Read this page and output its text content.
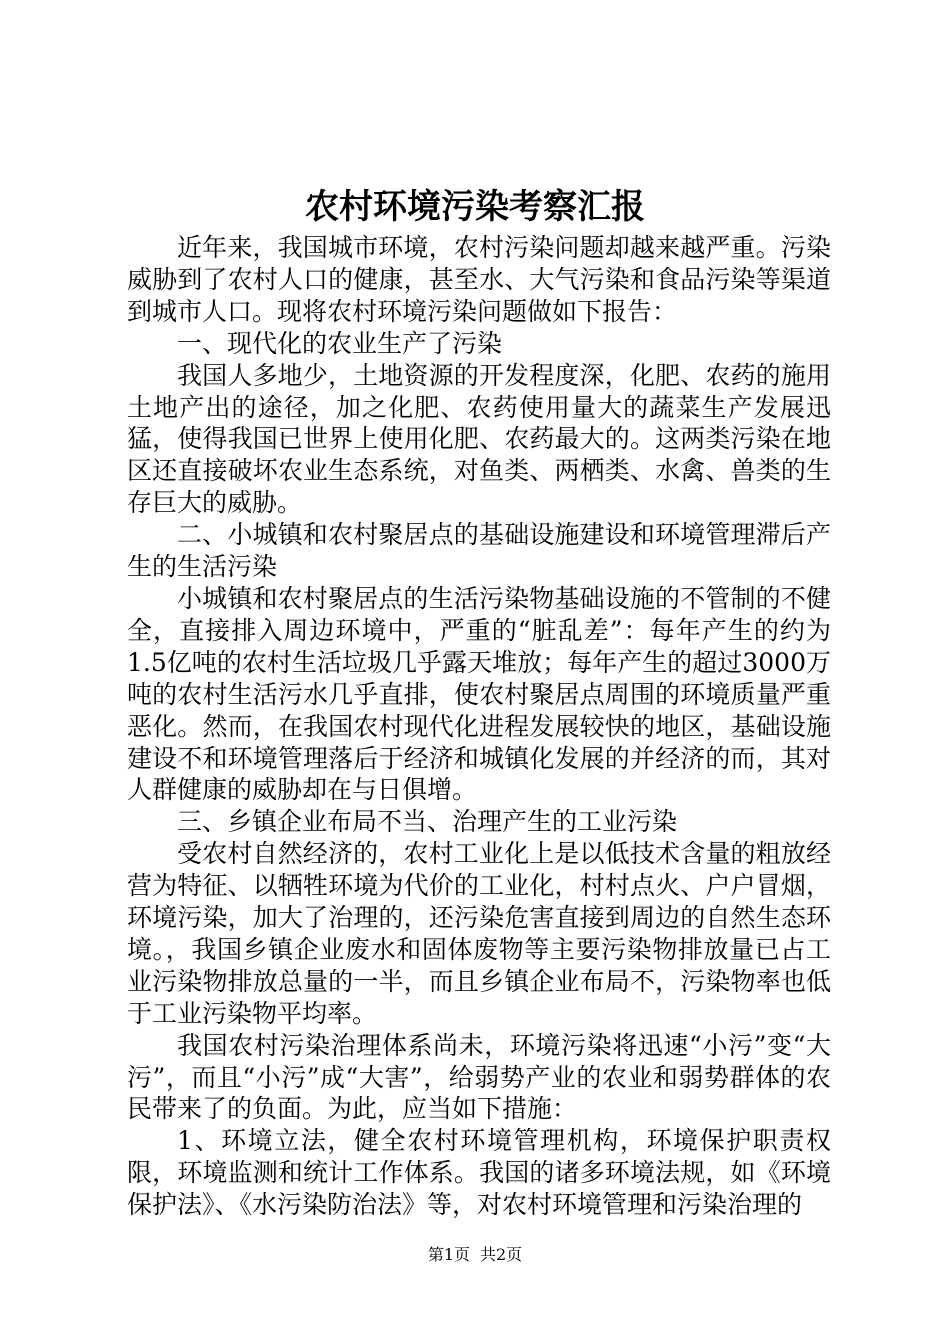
农村环境污染考察汇报

近年来，我国城市环境，农村污染问题却越来越严重。污染威胁到了农村人口的健康，甚至水、大气污染和食品污染等渠道到城市人口。现将农村环境污染问题做如下报告：

一、现代化的农业生产了污染

我国人多地少，土地资源的开发程度深，化肥、农药的施用土地产出的途径，加之化肥、农药使用量大的蔬菜生产发展迅猛，使得我国已世界上使用化肥、农药最大的。这两类污染在地区还直接破坏农业生态系统，对鱼类、两栖类、水禽、兽类的生存巨大的威胁。

二、小城镇和农村聚居点的基础设施建设和环境管理滞后产生的生活污染

小城镇和农村聚居点的生活污染物基础设施的不管制的不健全，直接排入周边环境中，严重的“脏乱差”：每年产生的约为1.5亿吨的农村生活垃圾几乎露天堆放；每年产生的超过3000万吨的农村生活污水几乎直排，使农村聚居点周围的环境质量严重恶化。然而，在我国农村现代化进程发展较快的地区，基础设施建设不和环境管理落后于经济和城镇化发展的并经济的而，其对人群健康的威胁却在与日俱增。

三、乡镇企业布局不当、治理产生的工业污染

受农村自然经济的，农村工业化上是以低技术含量的粗放经营为特征、以牺牲环境为代价的工业化，村村点火、户户冒烟，环境污染，加大了治理的，还污染危害直接到周边的自然生态环境。，我国乡镇企业废水和固体废物等主要污染物排放量已占工业污染物排放总量的一半，而且乡镇企业布局不，污染物率也低于工业污染物平均率。

我国农村污染治理体系尚未，环境污染将迅速“小污”变“大污”，而且“小污”成“大害”，给弱势产业的农业和弱势群体的农民带来了的负面。为此，应当如下措施：

1、环境立法，健全农村环境管理机构，环境保护职责权限，环境监测和统计工作体系。我国的诸多环境法规，如《环境保护法》、《水污染防治法》等，对农村环境管理和污染治理的

第1页 共2页
